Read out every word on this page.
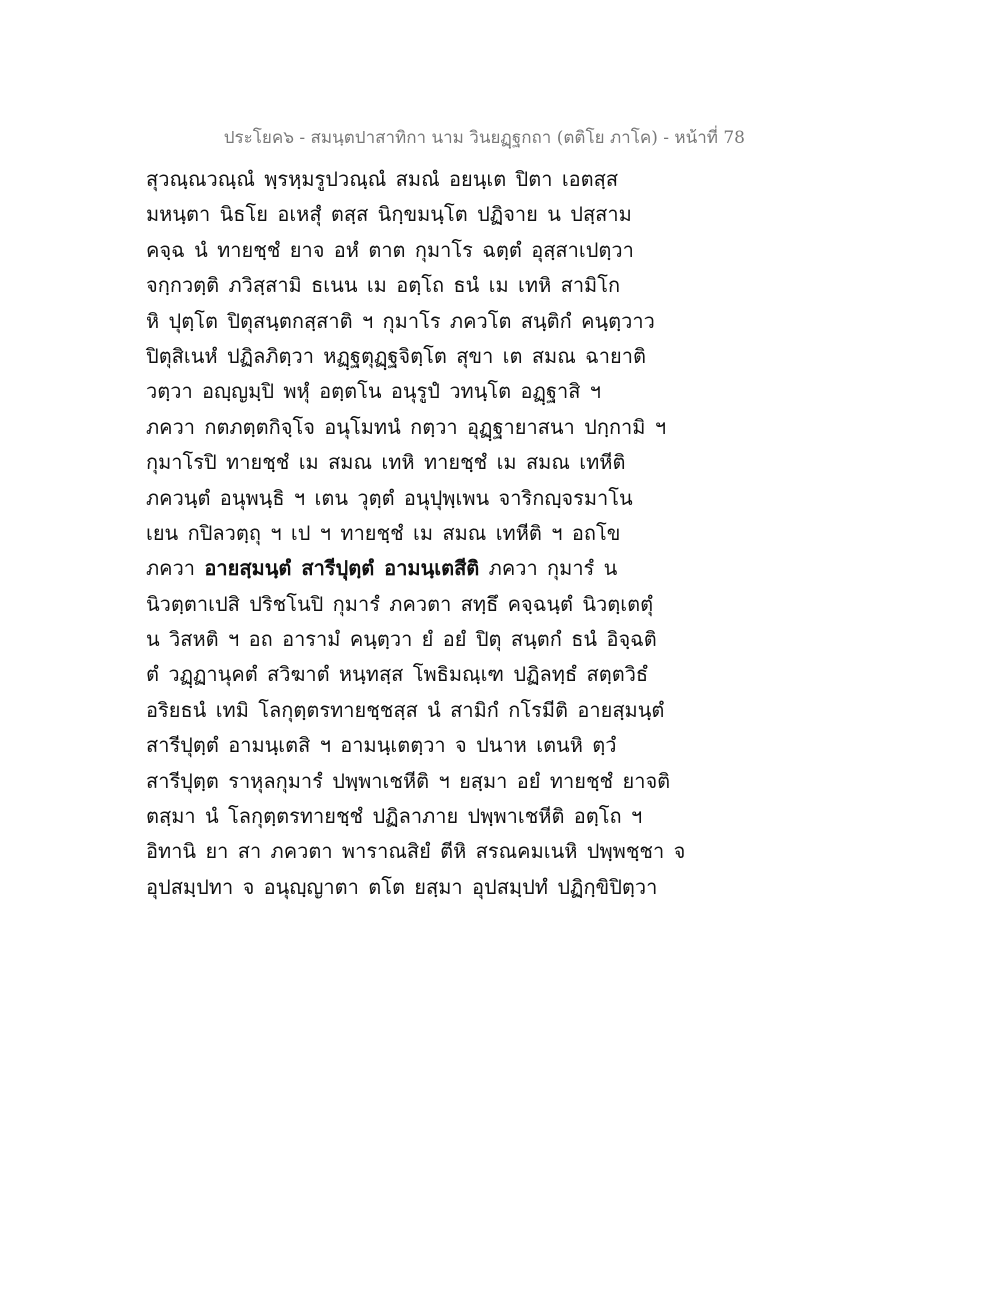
ประโยค๖ - สมนฺตปาสาทิกา นาม วินยฏฺฐกถา (ตติโย ภาโค) - หน้าที่ 78
สุวณฺณวณฺณํ พฺรหฺมรูปวณฺณํ สมณํ อยนฺเต ปิตา เอตสฺส
มหนฺตา นิธโย อเหสุํ ตสฺส นิกฺขมนฺโต ปฏิจาย น ปสฺสาม
คจฺฉ นํ ทายชฺชํ ยาจ อหํ ตาต กุมาโร ฉตฺตํ อุสฺสาเปตฺวา
จกฺกวตฺติ ภวิสฺสามิ ธเนน เม อตฺโถ ธนํ เม เทหิ สามิโก
หิ ปุตฺโต ปิตุสนฺตกสฺสาติ ฯ กุมาโร ภควโต สนฺติกํ คนฺตฺวาว
ปิตุสิเนหํ ปฏิลภิตฺวา หฏฺฐตุฏฺฐจิตฺโต สุขา เต สมณ ฉายาติ
วตฺวา อญฺญมฺปิ พหุํ อตฺตโน อนุรูปํ วทนฺโต อฏฺฐาสิ ฯ
ภควา กตภตฺตกิจฺโจ อนุโมทนํ กตฺวา อุฏฺฐายาสนา ปกฺกามิ ฯ
กุมาโรปิ ทายชฺชํ เม สมณ เทหิ ทายชฺชํ เม สมณ เทหีติ
ภควนฺตํ อนุพนฺธิ ฯ เตน วุตฺตํ อนุปุพฺเพน จาริกญฺจรมาโน
เยน กปิลวตฺถุ ฯ เป ฯ ทายชฺชํ เม สมณ เทหีติ ฯ อถโข
ภควา อายสฺมนฺตํ สารีปุตฺตํ อามนฺเตสีติ ภควา กุมารํ น
นิวตฺตาเปสิ ปริชโนปิ กุมารํ ภควตา สทฺธึ คจฺฉนฺตํ นิวตฺเตตุํ
น วิสหติ ฯ อถ อารามํ คนฺตฺวา ยํ อยํ ปิตุ สนฺตกํ ธนํ อิจฺฉติ
ตํ วฏฺฏานุคตํ สวิฆาตํ หนฺทสฺส โพธิมณฺเฑ ปฏิลทฺธํ สตฺตวิธํ
อริยธนํ เทมิ โลกุตฺตรทายชฺชสฺส นํ สามิกํ กโรมีติ อายสฺมนฺตํ
สารีปุตฺตํ อามนฺเตสิ ฯ อามนฺเตตฺวา จ ปนาห เตนหิ ตฺวํ
สารีปุตฺต ราหุลกุมารํ ปพฺพาเชหีติ ฯ ยสฺมา อยํ ทายชฺชํ ยาจติ
ตสฺมา นํ โลกุตฺตรทายชฺชํ ปฏิลาภาย ปพฺพาเชหีติ อตฺโถ ฯ
อิทานิ ยา สา ภควตา พาราณสิยํ ตีหิ สรณคมเนหิ ปพฺพชฺชา จ
อุปสมฺปทา จ อนุญฺญาตา ตโต ยสฺมา อุปสมฺปทํ ปฏิกฺขิปิตฺวา
